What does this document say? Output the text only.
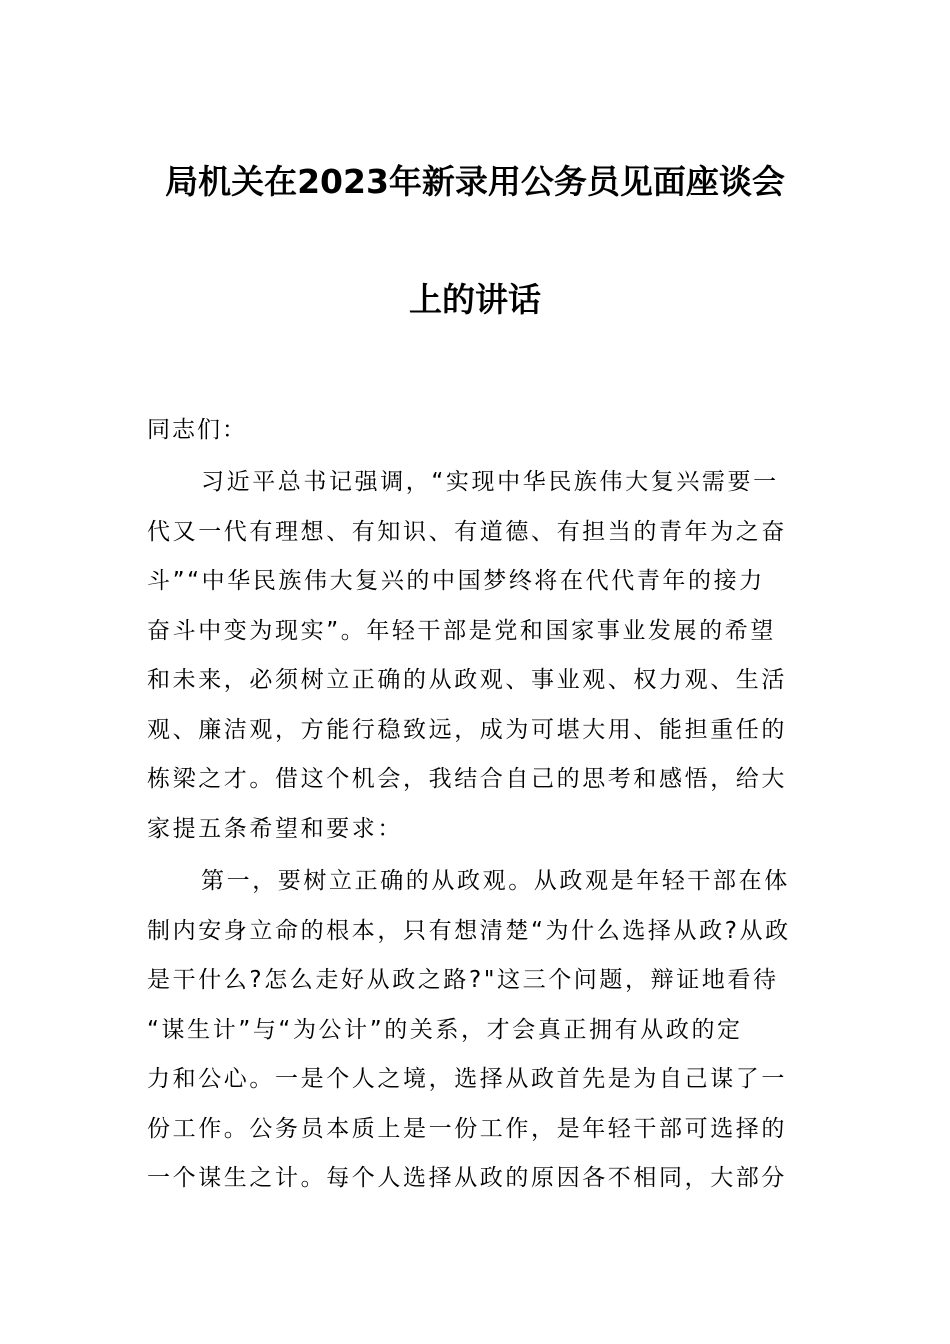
局机关在2023年新录用公务员见面座谈会
上的讲话

同志们：

习近平总书记强调，“实现中华民族伟大复兴需要一
代又一代有理想、有知识、有道德、有担当的青年为之奋
斗”“中华民族伟大复兴的中国梦终将在代代青年的接力
奋斗中变为现实”。年轻干部是党和国家事业发展的希望
和未来，必须树立正确的从政观、事业观、权力观、生活
观、廉洁观，方能行稳致远，成为可堪大用、能担重任的
栋梁之才。借这个机会，我结合自己的思考和感悟，给大
家提五条希望和要求：
第一，要树立正确的从政观。从政观是年轻干部在体
制内安身立命的根本，只有想清楚“为什么选择从政?从政
是干什么?怎么走好从政之路?"这三个问题，辩证地看待
“谋生计”与“为公计”的关系，才会真正拥有从政的定
力和公心。一是个人之境，选择从政首先是为自己谋了一
份工作。公务员本质上是一份工作，是年轻干部可选择的
一个谋生之计。每个人选择从政的原因各不相同，大部分
